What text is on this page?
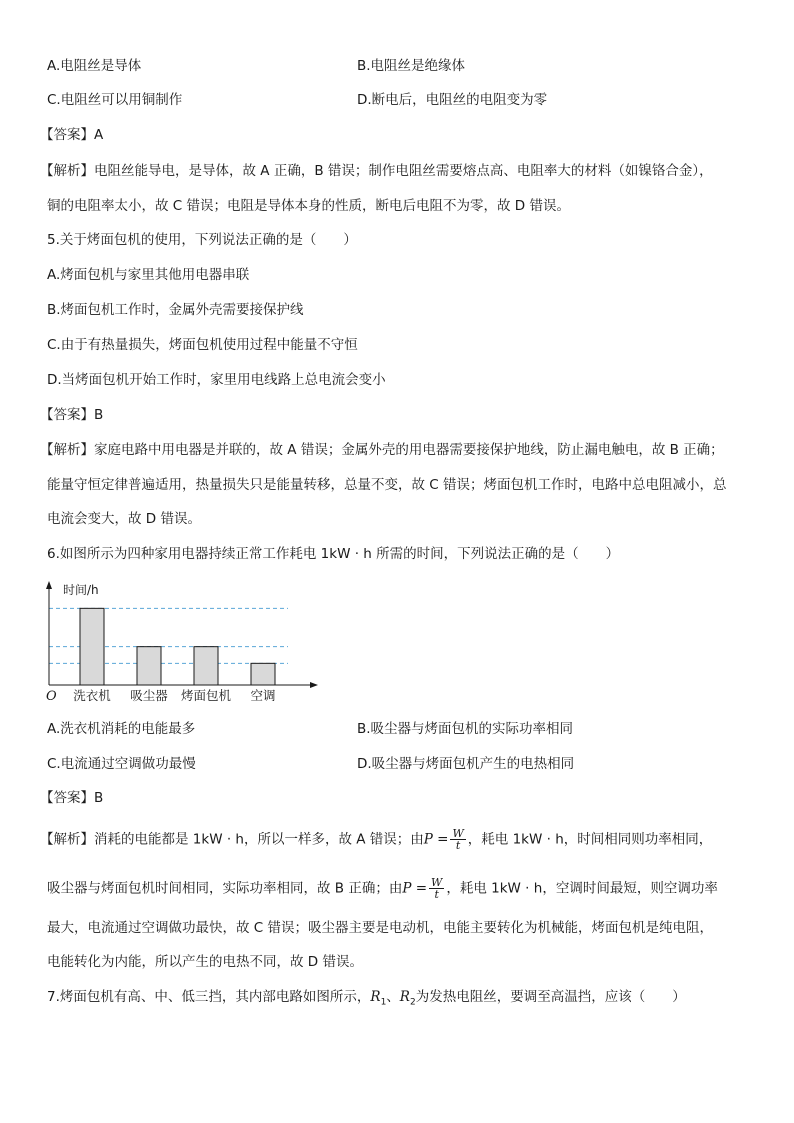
A.电阻丝是导体	B.电阻丝是绝缘体
C.电阻丝可以用铜制作	D.断电后，电阻丝的电阻变为零
【答案】A
【解析】电阻丝能导电，是导体，故 A 正确，B 错误；制作电阻丝需要熔点高、电阻率大的材料（如镍铬合金），
铜的电阻率太小，故 C 错误；电阻是导体本身的性质，断电后电阻不为零，故 D 错误。
5.关于烤面包机的使用，下列说法正确的是（　　）
A.烤面包机与家里其他用电器串联
B.烤面包机工作时，金属外壳需要接保护线
C.由于有热量损失，烤面包机使用过程中能量不守恒
D.当烤面包机开始工作时，家里用电线路上总电流会变小
【答案】B
【解析】家庭电路中用电器是并联的，故 A 错误；金属外壳的用电器需要接保护地线，防止漏电触电，故 B 正确；
能量守恒定律普遍适用，热量损失只是能量转移，总量不变，故 C 错误；烤面包机工作时，电路中总电阻减小，总
电流会变大，故 D 错误。
6.如图所示为四种家用电器持续正常工作耗电 1kW · h 所需的时间，下列说法正确的是（　　）
时间/h
O 洗衣机 吸尘器 烤面包机 空调
A.洗衣机消耗的电能最多	B.吸尘器与烤面包机的实际功率相同
C.电流通过空调做功最慢	D.吸尘器与烤面包机产生的电热相同
【答案】B
【解析】消耗的电能都是 1kW · h，所以一样多，故 A 错误；由$P = \frac{W}{t}$ ，耗电 1kW · h，时间相同则功率相同，
吸尘器与烤面包机时间相同，实际功率相同，故 B 正确；由$P = \frac{W}{t}$ ，耗电 1kW · h，空调时间最短，则空调功率
最大，电流通过空调做功最快，故 C 错误；吸尘器主要是电动机，电能主要转化为机械能，烤面包机是纯电阻，
电能转化为内能，所以产生的电热不同，故 D 错误。
7.烤面包机有高、中、低三挡，其内部电路如图所示，$R_1$、$R_2$为发热电阻丝，要调至高温挡，应该（　　）
